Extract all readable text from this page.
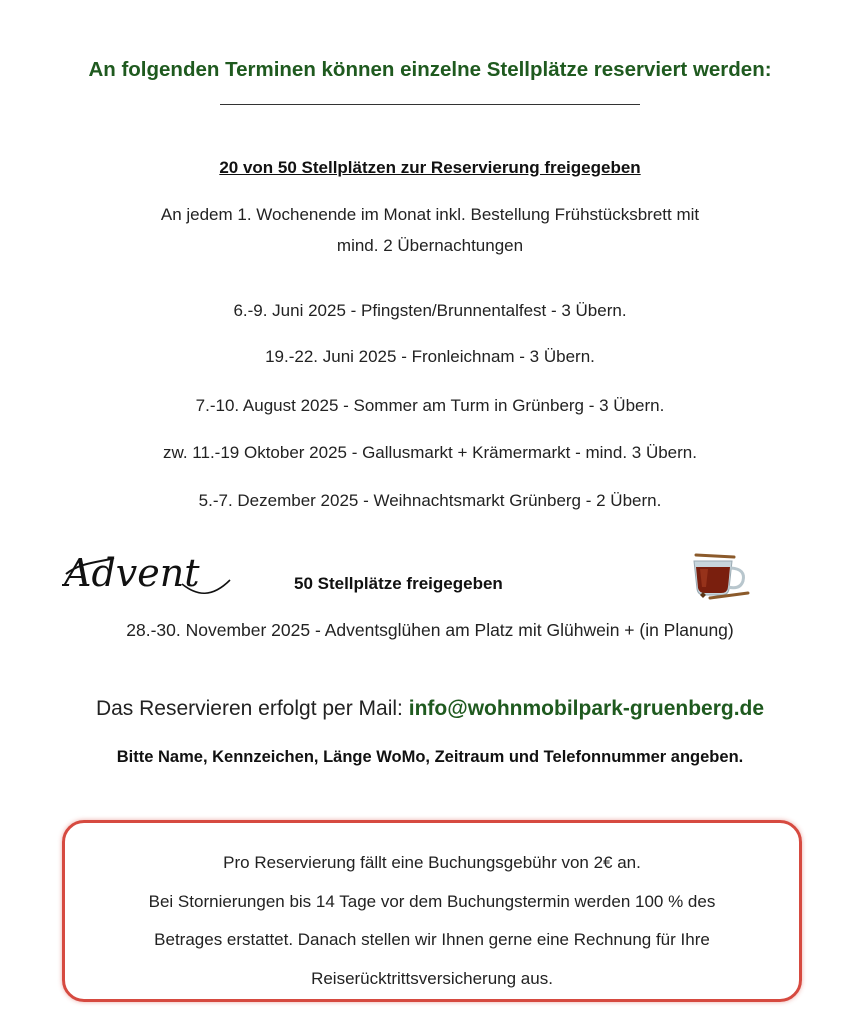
An folgenden Terminen können einzelne Stellplätze reserviert werden:
20 von 50 Stellplätzen zur Reservierung freigegeben
An jedem 1. Wochenende im Monat inkl. Bestellung Frühstücksbrett mit
mind. 2 Übernachtungen
6.-9. Juni 2025 - Pfingsten/Brunnentalfest - 3 Übern.
19.-22. Juni 2025 - Fronleichnam - 3 Übern.
7.-10. August 2025 - Sommer am Turm in Grünberg - 3 Übern.
zw. 11.-19 Oktober 2025 - Gallusmarkt + Krämermarkt - mind. 3 Übern.
5.-7. Dezember 2025 - Weihnachtsmarkt Grünberg - 2 Übern.
Advent	50 Stellplätze freigegeben
28.-30. November 2025 - Adventsglühen am Platz mit Glühwein + (in Planung)
Das Reservieren erfolgt per Mail: info@wohnmobilpark-gruenberg.de
Bitte Name, Kennzeichen, Länge WoMo, Zeitraum und Telefonnummer angeben.
Pro Reservierung fällt eine Buchungsgebühr von 2€ an.
Bei Stornierungen bis 14 Tage vor dem Buchungstermin werden 100 % des
Betrages erstattet. Danach stellen wir Ihnen gerne eine Rechnung für Ihre
Reiserücktrittsversicherung aus.
